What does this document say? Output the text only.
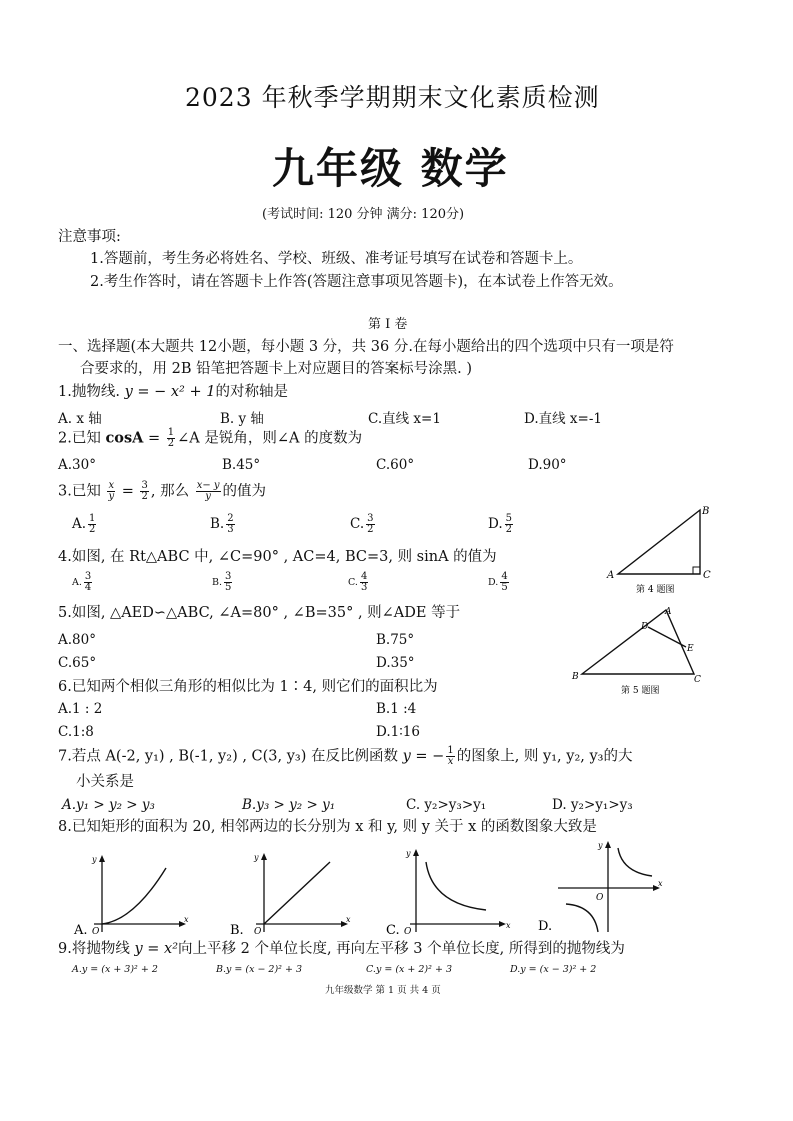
2023 年秋季学期期末文化素质检测
九年级 数学
(考试时间: 120 分钟 满分: 120分)
注意事项:
1.答题前，考生务必将姓名、学校、班级、准考证号填写在试卷和答题卡上。
2.考生作答时，请在答题卡上作答(答题注意事项见答题卡)，在本试卷上作答无效。
第 Ⅰ 卷
一、选择题(本大题共 12小题，每小题 3 分，共 36 分.在每小题给出的四个选项中只有一项是符
合要求的，用 2B 铅笔把答题卡上对应题目的答案标号涂黑. )
1.抛物线. y = − x² + 1的对称轴是
A. x 轴	B. y 轴	C.直线 x=1	D.直线 x=-1
2.已知 $\cos A = \frac{1}{2}$ ∠A 是锐角，则∠A 的度数为
A.30°	B.45°	C.60°	D.90°
3.已知 $\frac{x}{y} = \frac{3}{2}$ , 那么 $\frac{x- y}{y}$ 的值为
A. $\frac{1}{2}$	B. $\frac{2}{3}$	C. $\frac{3}{2}$	D. $\frac{5}{2}$
A
B
C
第 4 题图
4.如图, 在 Rt△ABC 中, ∠C=90° , AC=4, BC=3, 则 sinA 的值为
A. $\frac{3}{4}$	B. $\frac{3}{5}$	C. $\frac{4}{3}$	D. $\frac{4}{5}$
5.如图, △AED∽△ABC, ∠A=80° , ∠B=35° , 则∠ADE 等于
A.80°	B.75°
C.65°	D.35°
A
D
E
B	C
第 5 题图
6.已知两个相似三角形的相似比为 1∶4, 则它们的面积比为
A.1 : 2	B.1 :4
C.1:8	D.1∶16
7.若点 A(-2, y₁) , B(-1, y₂) , C(3, y₃) 在反比例函数 y = − $\frac{1}{x}$ 的图象上, 则 y₁, y₂, y₃的大
小关系是
A.y₁ > y₂ > y₃	B.y₃ > y₂ > y₁	C. y₂>y₃>y₁	D. y₂>y₁>y₃
8.已知矩形的面积为 20, 相邻两边的长分别为 x 和 y, 则 y 关于 x 的函数图象大致是
A. O
x
y
B. O
x
y
C. O
x
y
D.
O
x
y
9.将抛物线 y = x²向上平移 2 个单位长度, 再向左平移 3 个单位长度, 所得到的抛物线为
A.y = (x + 3)² + 2	B.y = (x − 2)² + 3	C.y = (x + 2)² + 3	D.y = (x − 3)² + 2
九年级数学 第 1 页 共 4 页
